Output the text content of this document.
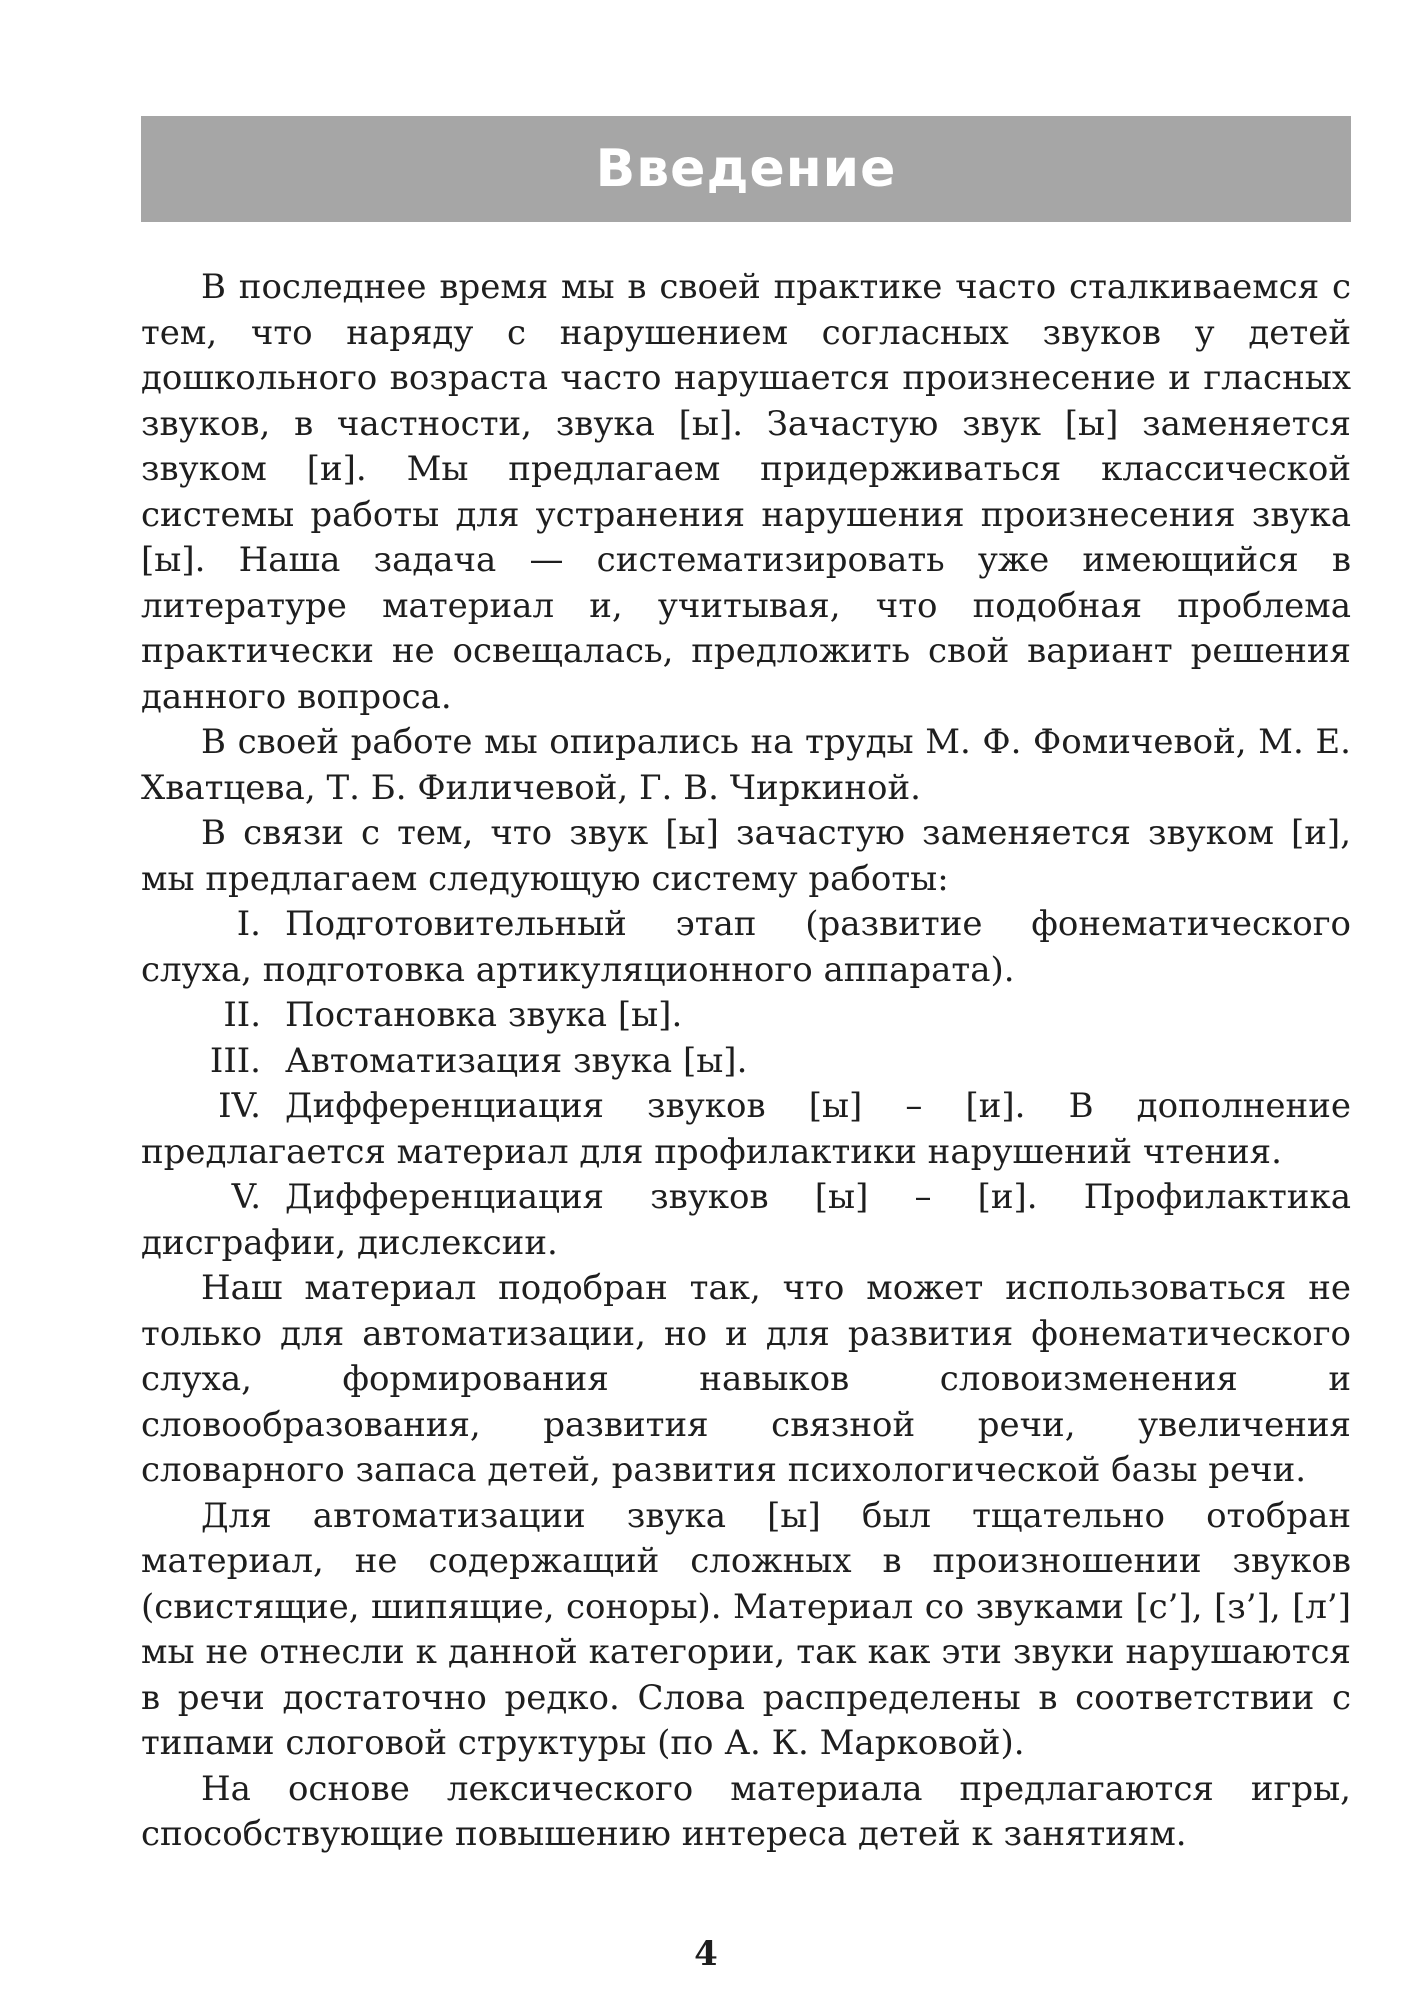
Введение

В последнее время мы в своей практике часто сталкиваемся с тем, что наряду с нарушением согласных звуков у детей дошкольного возраста часто нарушается произнесение и гласных звуков, в частности, звука [ы]. Зачастую звук [ы] заменяется звуком [и]. Мы предлагаем придерживаться классической системы работы для устранения нарушения произнесения звука [ы]. Наша задача — систематизировать уже имеющийся в литературе материал и, учитывая, что подобная проблема практически не освещалась, предложить свой вариант решения данного вопроса.

В своей работе мы опирались на труды М. Ф. Фомичевой, М. Е. Хватцева, Т. Б. Филичевой, Г. В. Чиркиной.

В связи с тем, что звук [ы] зачастую заменяется звуком [и], мы предлагаем следующую систему работы:

I. Подготовительный этап (развитие фонематического слуха, подготовка артикуляционного аппарата).
II. Постановка звука [ы].
III. Автоматизация звука [ы].
IV. Дифференциация звуков [ы] – [и]. В дополнение предлагается материал для профилактики нарушений чтения.
V. Дифференциация звуков [ы] – [и]. Профилактика дисграфии, дислексии.

Наш материал подобран так, что может использоваться не только для автоматизации, но и для развития фонематического слуха, формирования навыков словоизменения и словообразования, развития связной речи, увеличения словарного запаса детей, развития психологической базы речи.

Для автоматизации звука [ы] был тщательно отобран материал, не содержащий сложных в произношении звуков (свистящие, шипящие, соноры). Материал со звуками [с’], [з’], [л’] мы не отнесли к данной категории, так как эти звуки нарушаются в речи достаточно редко. Слова распределены в соответствии с типами слоговой структуры (по А. К. Марковой).

На основе лексического материала предлагаются игры, способствующие повышению интереса детей к занятиям.

4
